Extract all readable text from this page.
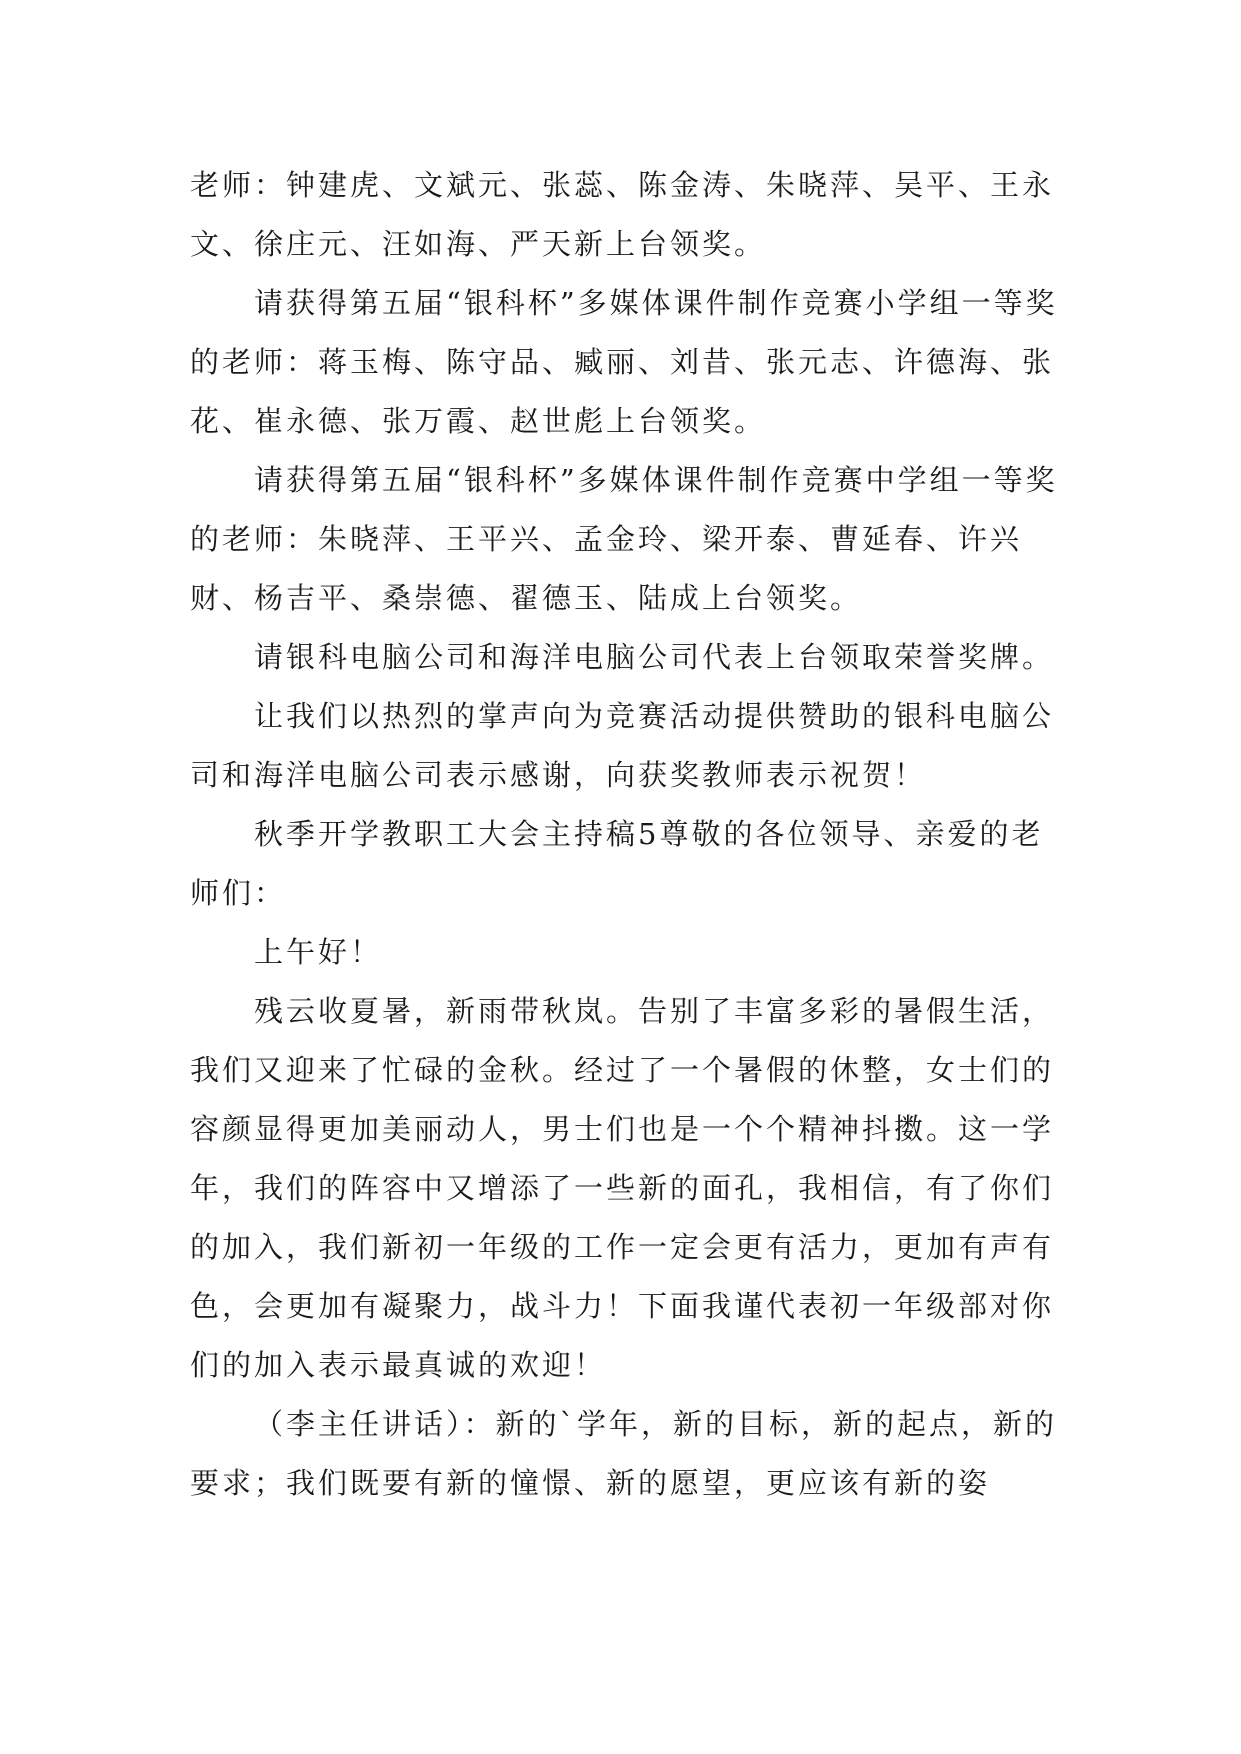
老师：钟建虎、文斌元、张蕊、陈金涛、朱晓萍、吴平、王永文、徐庄元、汪如海、严天新上台领奖。

请获得第五届“银科杯”多媒体课件制作竞赛小学组一等奖的老师：蒋玉梅、陈守品、臧丽、刘昔、张元志、许德海、张花、崔永德、张万霞、赵世彪上台领奖。

请获得第五届“银科杯”多媒体课件制作竞赛中学组一等奖的老师：朱晓萍、王平兴、孟金玲、梁开泰、曹延春、许兴财、杨吉平、桑崇德、翟德玉、陆成上台领奖。

请银科电脑公司和海洋电脑公司代表上台领取荣誉奖牌。

让我们以热烈的掌声向为竞赛活动提供赞助的银科电脑公司和海洋电脑公司表示感谢，向获奖教师表示祝贺！

秋季开学教职工大会主持稿5尊敬的各位领导、亲爱的老师们：

上午好！

残云收夏暑，新雨带秋岚。告别了丰富多彩的暑假生活，我们又迎来了忙碌的金秋。经过了一个暑假的休整，女士们的容颜显得更加美丽动人，男士们也是一个个精神抖擞。这一学年，我们的阵容中又增添了一些新的面孔，我相信，有了你们的加入，我们新初一年级的工作一定会更有活力，更加有声有色，会更加有凝聚力，战斗力！下面我谨代表初一年级部对你们的加入表示最真诚的欢迎！

（李主任讲话）：新的`学年，新的目标，新的起点，新的要求；我们既要有新的憧憬、新的愿望，更应该有新的姿
